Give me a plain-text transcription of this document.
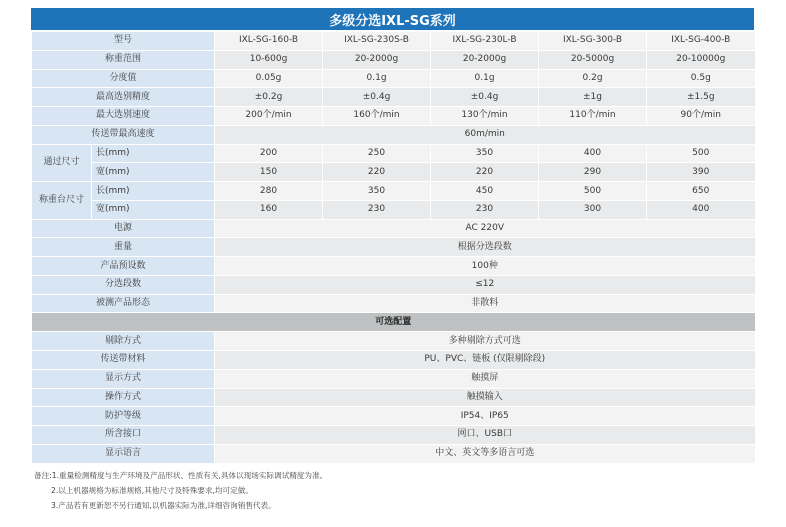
多级分选IXL-SG系列
型号		IXL-SG-160-B	IXL-SG-230S-B	IXL-SG-230L-B	IXL-SG-300-B	IXL-SG-400-B
称重范围		10-600g	20-2000g	20-2000g	20-5000g	20-10000g
分度值		0.05g	0.1g	0.1g	0.2g	0.5g
最高选别精度		±0.2g	±0.4g	±0.4g	±1g	±1.5g
最大选别速度		200个/min	160个/min	130个/min	110个/min	90个/min
传送带最高速度		60m/min				
通过尺寸	长(mm)	200	250	350	400	500
	宽(mm)	150	220	220	290	390
称重台尺寸	长(mm)	280	350	450	500	650
	宽(mm)	160	230	230	300	400
电源		AC 220V				
重量		根据分选段数				
产品预设数		100种				
分选段数		≤12				
被测产品形态		非散料				
可选配置						
剔除方式		多种剔除方式可选				
传送带材料		PU、PVC、链板 (仅限剔除段)				
显示方式		触摸屏				
操作方式		触摸输入				
防护等级		IP54、IP65				
所含接口		网口、USB口				
显示语言		中文、英文等多语言可选				
备注:1.重量检测精度与生产环境及产品形状、性质有关,具体以现场实际调试精度为准。
2.以上机器规格为标准规格,其他尺寸及特殊要求,均可定做。
3.产品若有更新恕不另行通知,以机器实际为准,详细咨询销售代表。
